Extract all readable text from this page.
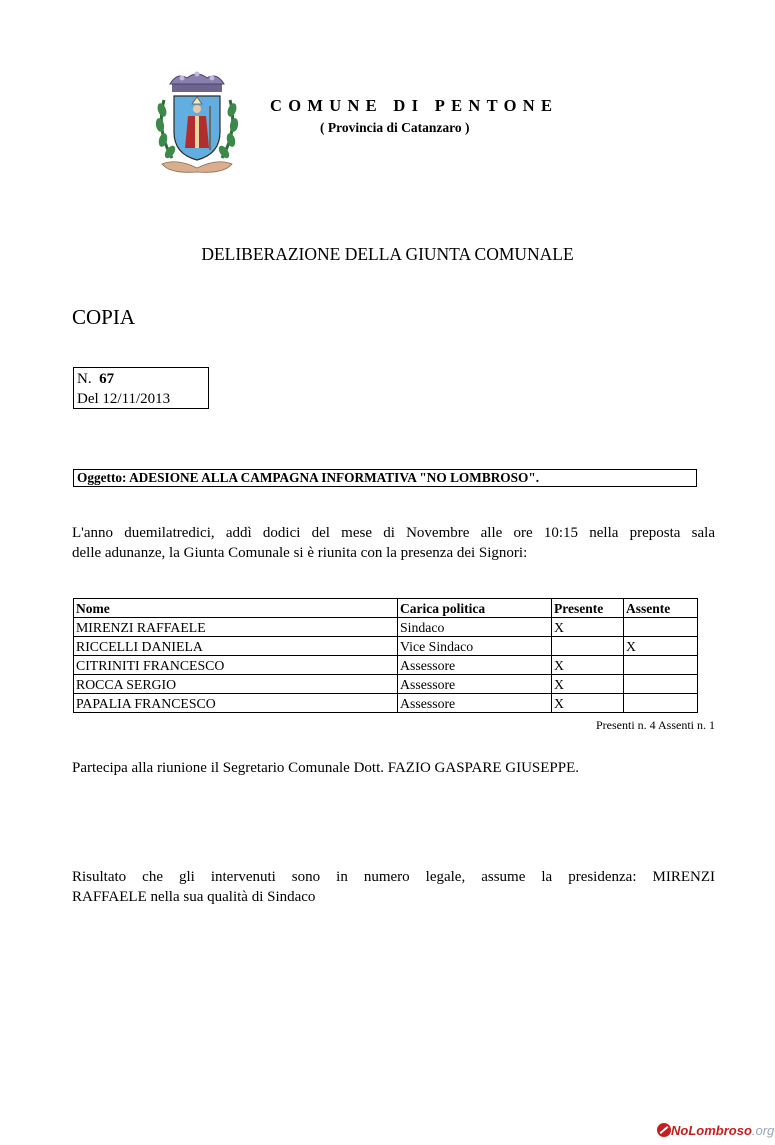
COMUNE DI PENTONE
( Provincia di Catanzaro )
DELIBERAZIONE DELLA GIUNTA COMUNALE
COPIA
N. 67
Del 12/11/2013
Oggetto: ADESIONE ALLA CAMPAGNA INFORMATIVA "NO LOMBROSO".
L'anno duemilatredici, addì dodici del mese di Novembre alle ore 10:15 nella preposta sala
delle adunanze, la Giunta Comunale si è riunita con la presenza dei Signori:
Nome	Carica politica	Presente	Assente
MIRENZI RAFFAELE	Sindaco	X	
RICCELLI DANIELA	Vice Sindaco		X
CITRINITI FRANCESCO	Assessore	X	
ROCCA SERGIO	Assessore	X	
PAPALIA FRANCESCO	Assessore	X	
Presenti n. 4 Assenti n. 1
Partecipa alla riunione il Segretario Comunale Dott. FAZIO GASPARE GIUSEPPE.
Risultato che gli intervenuti sono in numero legale, assume la presidenza: MIRENZI
RAFFAELE nella sua qualità di Sindaco
NoLombroso.org
